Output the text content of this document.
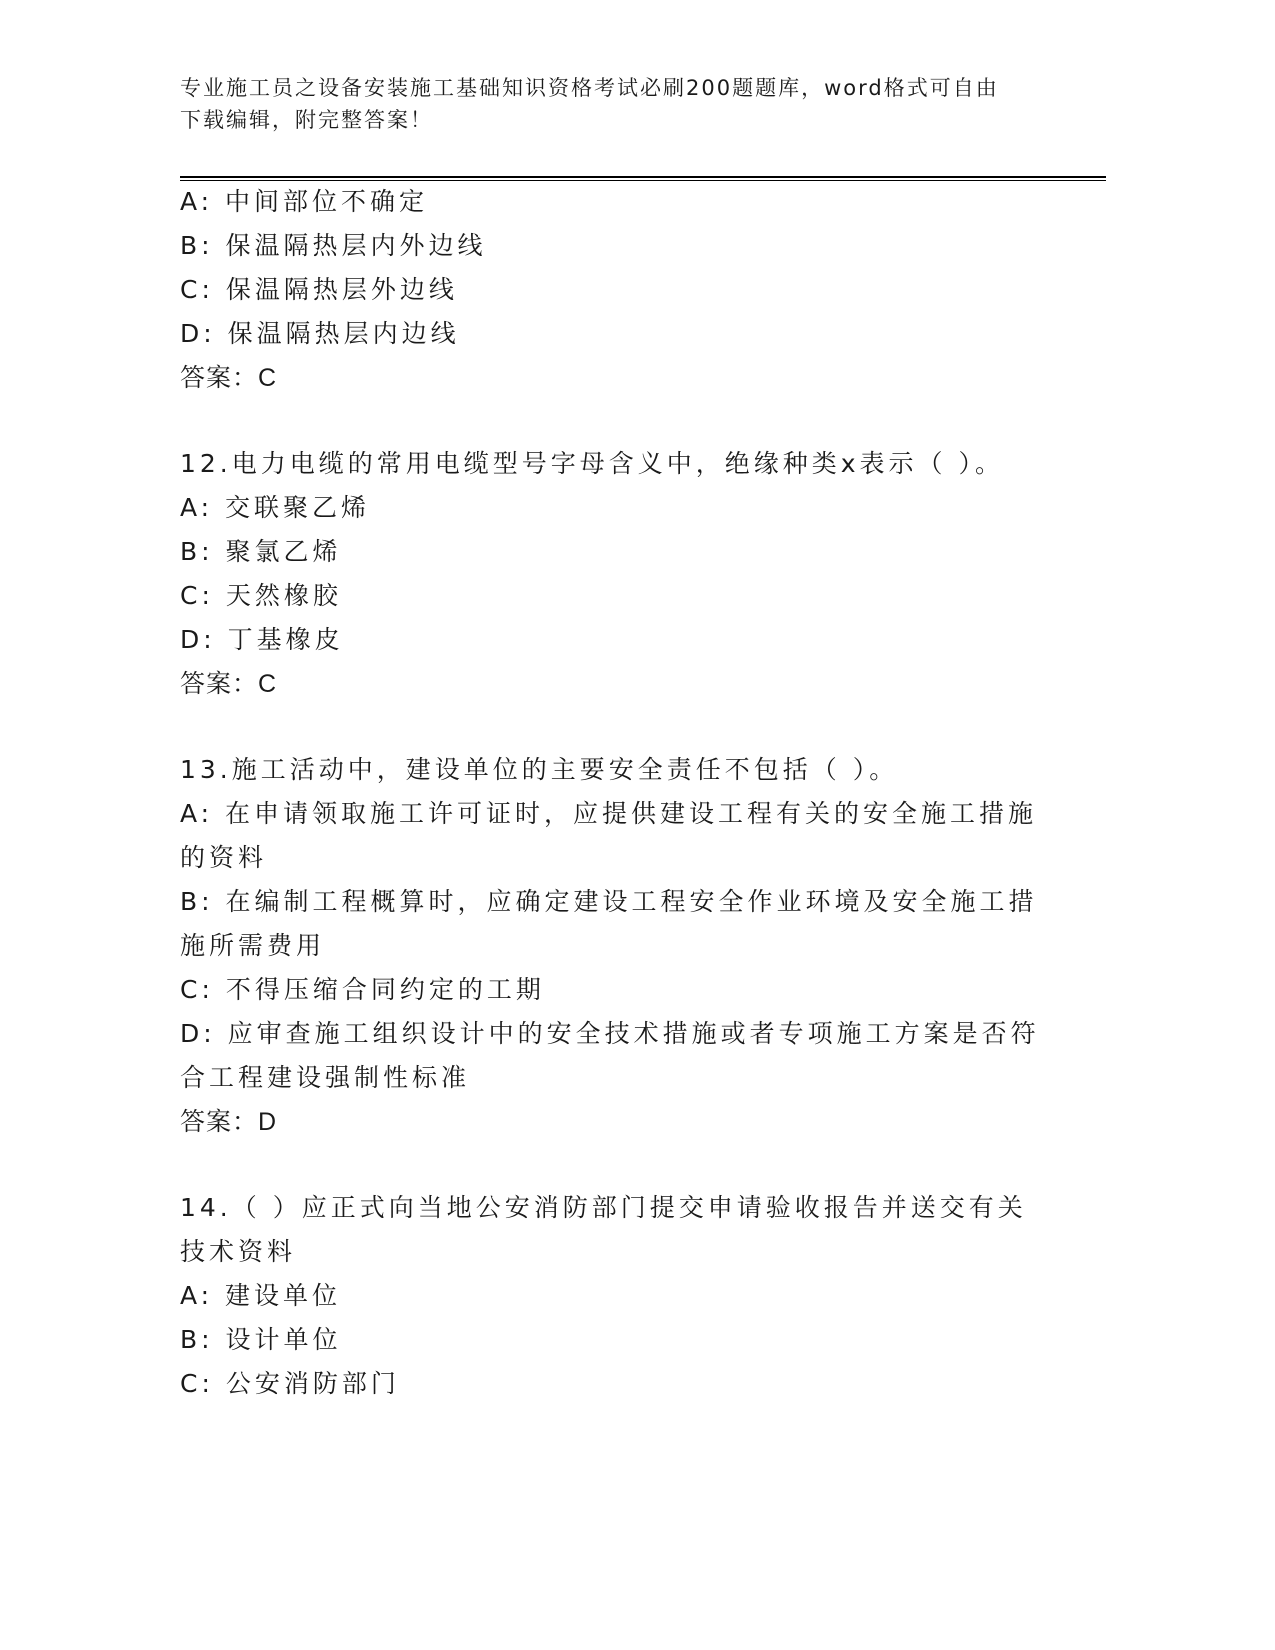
专业施工员之设备安装施工基础知识资格考试必刷200题题库，word格式可自由
下载编辑，附完整答案！
A: 中间部位不确定
B: 保温隔热层内外边线
C: 保温隔热层外边线
D: 保温隔热层内边线
答案：C
12.电力电缆的常用电缆型号字母含义中，绝缘种类x表示（ ）。
A: 交联聚乙烯
B: 聚氯乙烯
C: 天然橡胶
D: 丁基橡皮
答案：C
13.施工活动中，建设单位的主要安全责任不包括（ ）。
A: 在申请领取施工许可证时，应提供建设工程有关的安全施工措施的资料
B: 在编制工程概算时，应确定建设工程安全作业环境及安全施工措施所需费用
C: 不得压缩合同约定的工期
D: 应审查施工组织设计中的安全技术措施或者专项施工方案是否符合工程建设强制性标准
答案：D
14.（ ）应正式向当地公安消防部门提交申请验收报告并送交有关技术资料
A: 建设单位
B: 设计单位
C: 公安消防部门
